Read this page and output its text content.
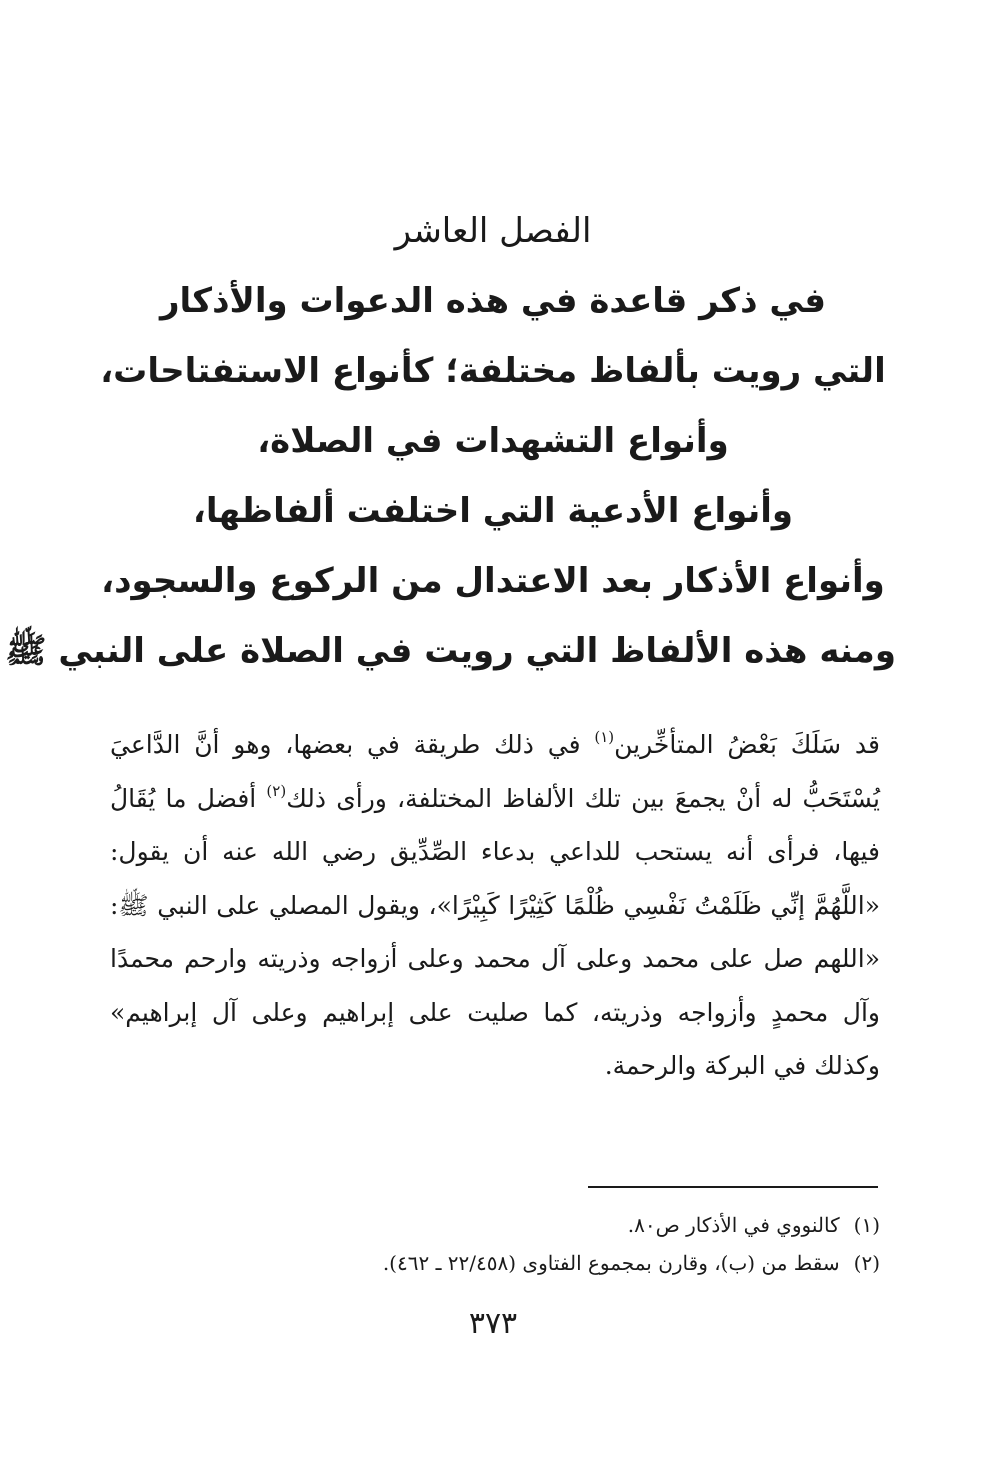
الفصل العاشر

في ذكر قاعدة في هذه الدعوات والأذكار

التي رويت بألفاظ مختلفة؛ كأنواع الاستفتاحات،

وأنواع التشهدات في الصلاة،

وأنواع الأدعية التي اختلفت ألفاظها،

وأنواع الأذكار بعد الاعتدال من الركوع والسجود،

ومنه هذه الألفاظ التي رويت في الصلاة على النبي ﷺ

قد سَلَكَ بَعْضُ المتأخِّرين$^{(١)}$ في ذلك طريقة في بعضها، وهو أنَّ الدَّاعيَ يُسْتَحَبُّ له أنْ يجمعَ بين تلك الألفاظ المختلفة، ورأى ذلك$^{(٢)}$ أفضل ما يُقَالُ فيها، فرأى أنه يستحب للداعي بدعاء الصِّدِّيق رضي الله عنه أن يقول: «اللَّهُمَّ إنِّي ظَلَمْتُ نَفْسِي ظُلْمًا كَثِيْرًا كَبِيْرًا»، ويقول المصلي على النبي ﷺ: «اللهم صل على محمد وعلى آل محمد وعلى أزواجه وذريته وارحم محمدًا وآل محمدٍ وأزواجه وذريته، كما صليت على إبراهيم وعلى آل إبراهيم» وكذلك في البركة والرحمة.

(١)كالنووي في الأذكار ص٨٠.

(٢)سقط من (ب)، وقارن بمجموع الفتاوى (٢٢/٤٥٨ ـ ٤٦٢).

٣٧٣
